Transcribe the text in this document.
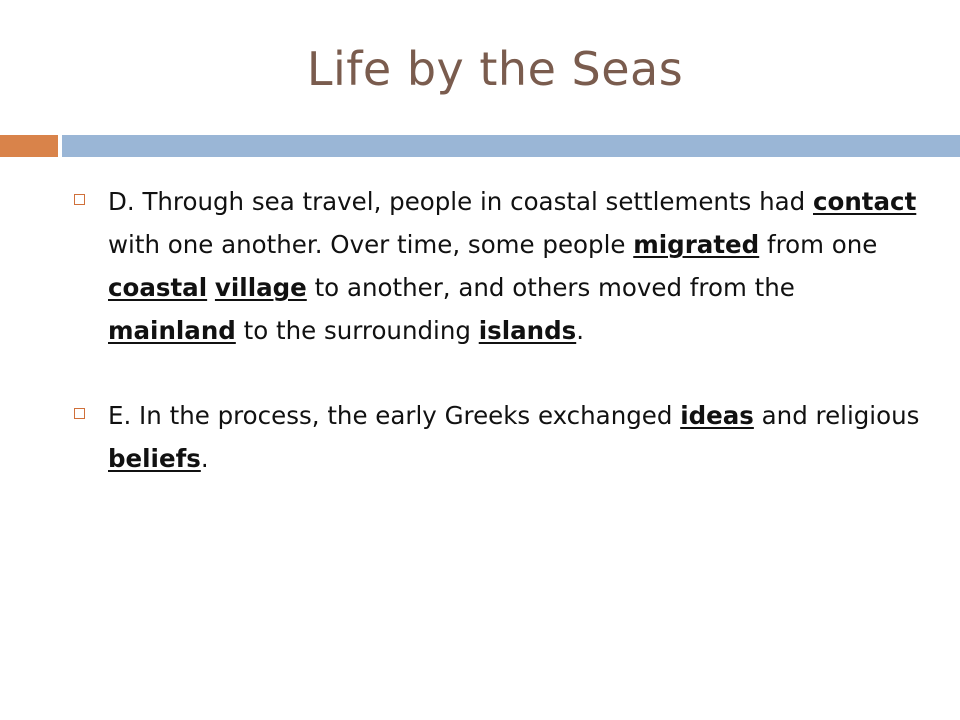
Life by the Seas

D. Through sea travel, people in coastal settlements had contact with one another. Over time, some people migrated from one coastal village to another, and others moved from the mainland to the surrounding islands.

E. In the process, the early Greeks exchanged ideas and religious beliefs.
